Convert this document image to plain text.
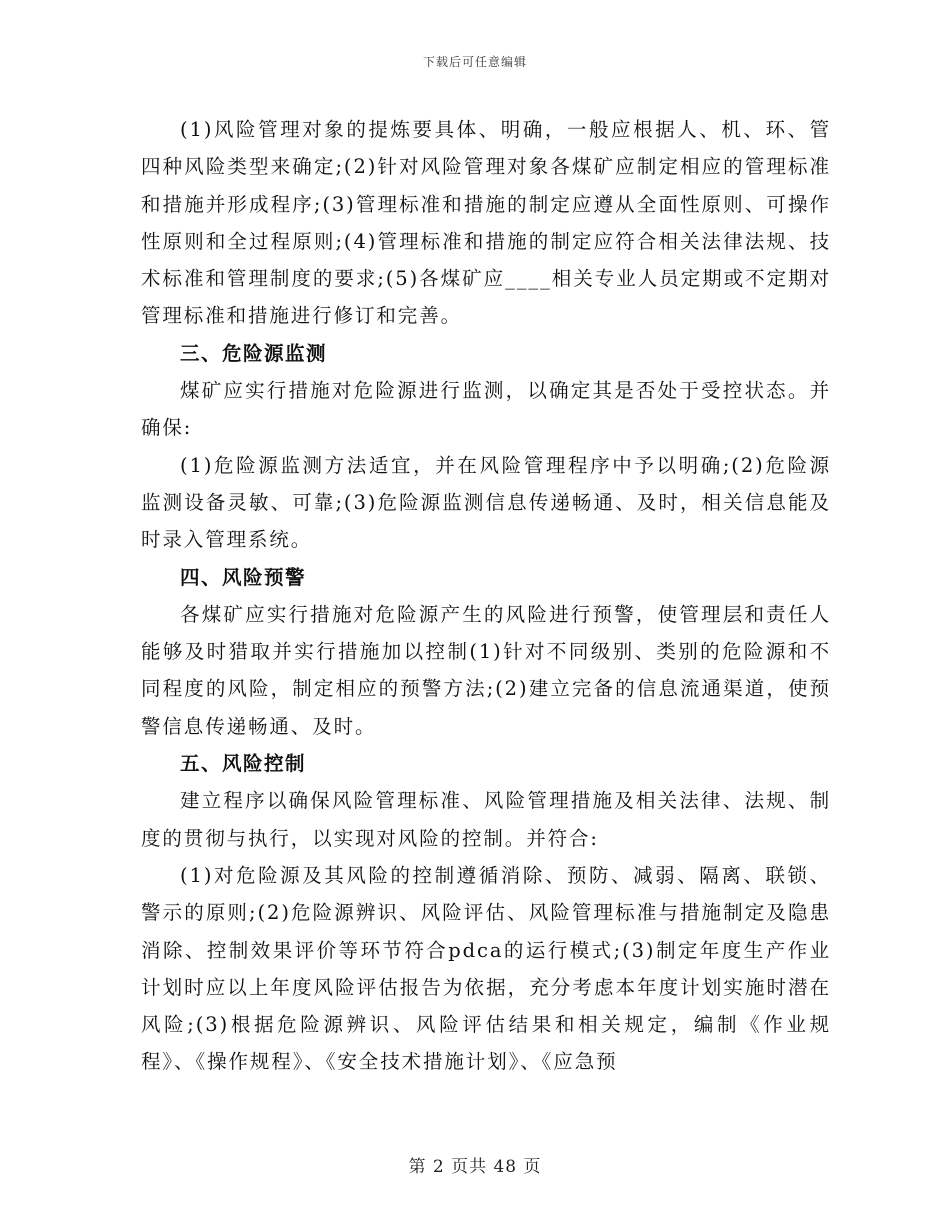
下载后可任意编辑

(1)风险管理对象的提炼要具体、明确，一般应根据人、机、环、管四种风险类型来确定;(2)针对风险管理对象各煤矿应制定相应的管理标准和措施并形成程序;(3)管理标准和措施的制定应遵从全面性原则、可操作性原则和全过程原则;(4)管理标准和措施的制定应符合相关法律法规、技术标准和管理制度的要求;(5)各煤矿应____相关专业人员定期或不定期对管理标准和措施进行修订和完善。

三、危险源监测

煤矿应实行措施对危险源进行监测，以确定其是否处于受控状态。并确保:

(1)危险源监测方法适宜，并在风险管理程序中予以明确;(2)危险源监测设备灵敏、可靠;(3)危险源监测信息传递畅通、及时，相关信息能及时录入管理系统。

四、风险预警

各煤矿应实行措施对危险源产生的风险进行预警，使管理层和责任人能够及时猎取并实行措施加以控制(1)针对不同级别、类别的危险源和不同程度的风险，制定相应的预警方法;(2)建立完备的信息流通渠道，使预警信息传递畅通、及时。

五、风险控制

建立程序以确保风险管理标准、风险管理措施及相关法律、法规、制度的贯彻与执行，以实现对风险的控制。并符合:

(1)对危险源及其风险的控制遵循消除、预防、减弱、隔离、联锁、警示的原则;(2)危险源辨识、风险评估、风险管理标准与措施制定及隐患消除、控制效果评价等环节符合pdca的运行模式;(3)制定年度生产作业计划时应以上年度风险评估报告为依据，充分考虑本年度计划实施时潜在风险;(3)根据危险源辨识、风险评估结果和相关规定，编制《作业规程》、《操作规程》、《安全技术措施计划》、《应急预

第 2 页共 48 页
